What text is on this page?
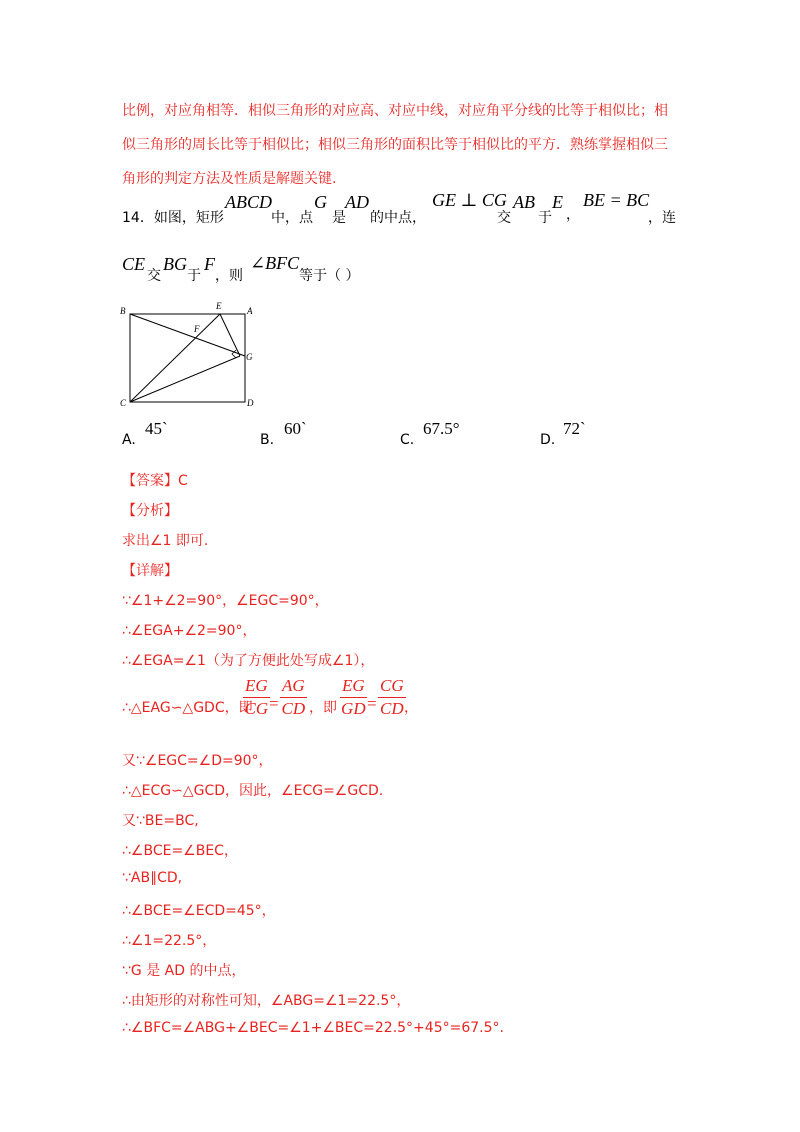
比例，对应角相等．相似三角形的对应高、对应中线，对应角平分线的比等于相似比；相
似三角形的周长比等于相似比；相似三角形的面积比等于相似比的平方．熟练掌握相似三
角形的判定方法及性质是解题关键.
14．如图，矩形
ABCD
中，点
G
是
AD
的中点，
GE ⊥ CG
交
AB
于
E
，
BE = BC
，连
CE
交
BG
于
F
，则
∠BFC
等于（ ）
B	A
C	D
E
F
G
A.
45`
B.
60`
C.
67.5°
D.
72`
【答案】C
【分析】
求出∠1 即可.
【详解】
∵∠1+∠2=90°，∠EGC=90°，
∴∠EGA+∠2=90°，
∴∠EGA=∠1（为了方便此处写成∠1），
∴△EAG∽△GDC，即
$\frac{EG}{CG} = \frac{AG}{CD}$ ，即 $\frac{EG}{GD} = \frac{CG}{CD}$
，
又∵∠EGC=∠D=90°，
∴△ECG∽△GCD，因此，∠ECG=∠GCD.
又∵BE=BC,
∴∠BCE=∠BEC，
∵AB∥CD,
∴∠BCE=∠ECD=45°，
∴∠1=22.5°，
∵G 是 AD 的中点，
∴由矩形的对称性可知，∠ABG=∠1=22.5°，
∴∠BFC=∠ABG+∠BEC=∠1+∠BEC=22.5°+45°=67.5°.
